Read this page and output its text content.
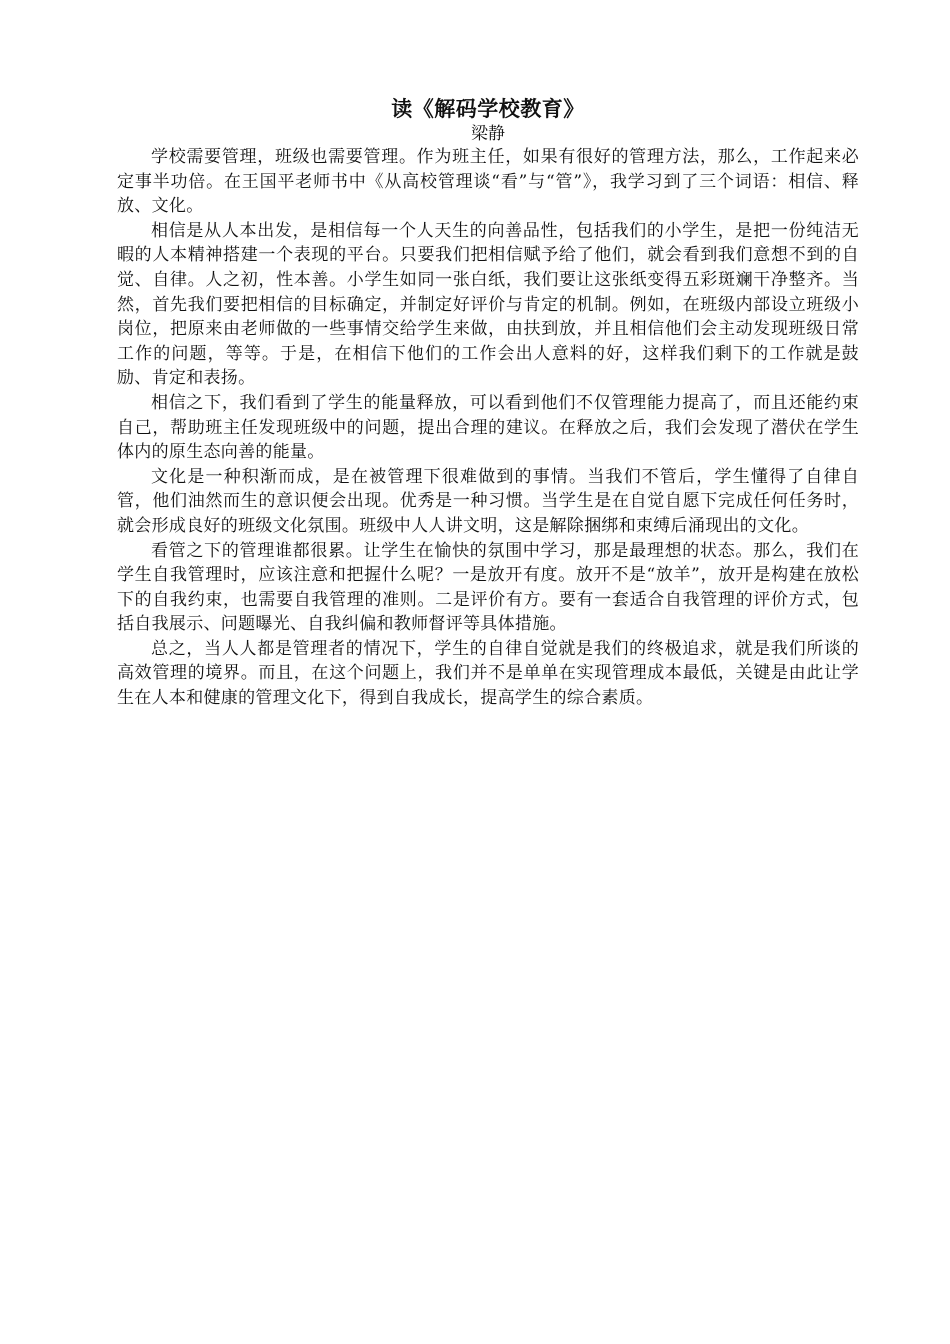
读《解码学校教育》

梁静

学校需要管理，班级也需要管理。作为班主任，如果有很好的管理方法，那么，工作起来必定事半功倍。在王国平老师书中《从高校管理谈“看”与“管”》，我学习到了三个词语：相信、释放、文化。

相信是从人本出发，是相信每一个人天生的向善品性，包括我们的小学生，是把一份纯洁无暇的人本精神搭建一个表现的平台。只要我们把相信赋予给了他们，就会看到我们意想不到的自觉、自律。人之初，性本善。小学生如同一张白纸，我们要让这张纸变得五彩斑斓干净整齐。当然，首先我们要把相信的目标确定，并制定好评价与肯定的机制。例如，在班级内部设立班级小岗位，把原来由老师做的一些事情交给学生来做，由扶到放，并且相信他们会主动发现班级日常工作的问题，等等。于是，在相信下他们的工作会出人意料的好，这样我们剩下的工作就是鼓励、肯定和表扬。

相信之下，我们看到了学生的能量释放，可以看到他们不仅管理能力提高了，而且还能约束自己，帮助班主任发现班级中的问题，提出合理的建议。在释放之后，我们会发现了潜伏在学生体内的原生态向善的能量。

文化是一种积渐而成，是在被管理下很难做到的事情。当我们不管后，学生懂得了自律自管，他们油然而生的意识便会出现。优秀是一种习惯。当学生是在自觉自愿下完成任何任务时，就会形成良好的班级文化氛围。班级中人人讲文明，这是解除捆绑和束缚后涌现出的文化。

看管之下的管理谁都很累。让学生在愉快的氛围中学习，那是最理想的状态。那么，我们在学生自我管理时，应该注意和把握什么呢？一是放开有度。放开不是“放羊”，放开是构建在放松下的自我约束，也需要自我管理的准则。二是评价有方。要有一套适合自我管理的评价方式，包括自我展示、问题曝光、自我纠偏和教师督评等具体措施。

总之，当人人都是管理者的情况下，学生的自律自觉就是我们的终极追求，就是我们所谈的高效管理的境界。而且，在这个问题上，我们并不是单单在实现管理成本最低，关键是由此让学生在人本和健康的管理文化下，得到自我成长，提高学生的综合素质。
